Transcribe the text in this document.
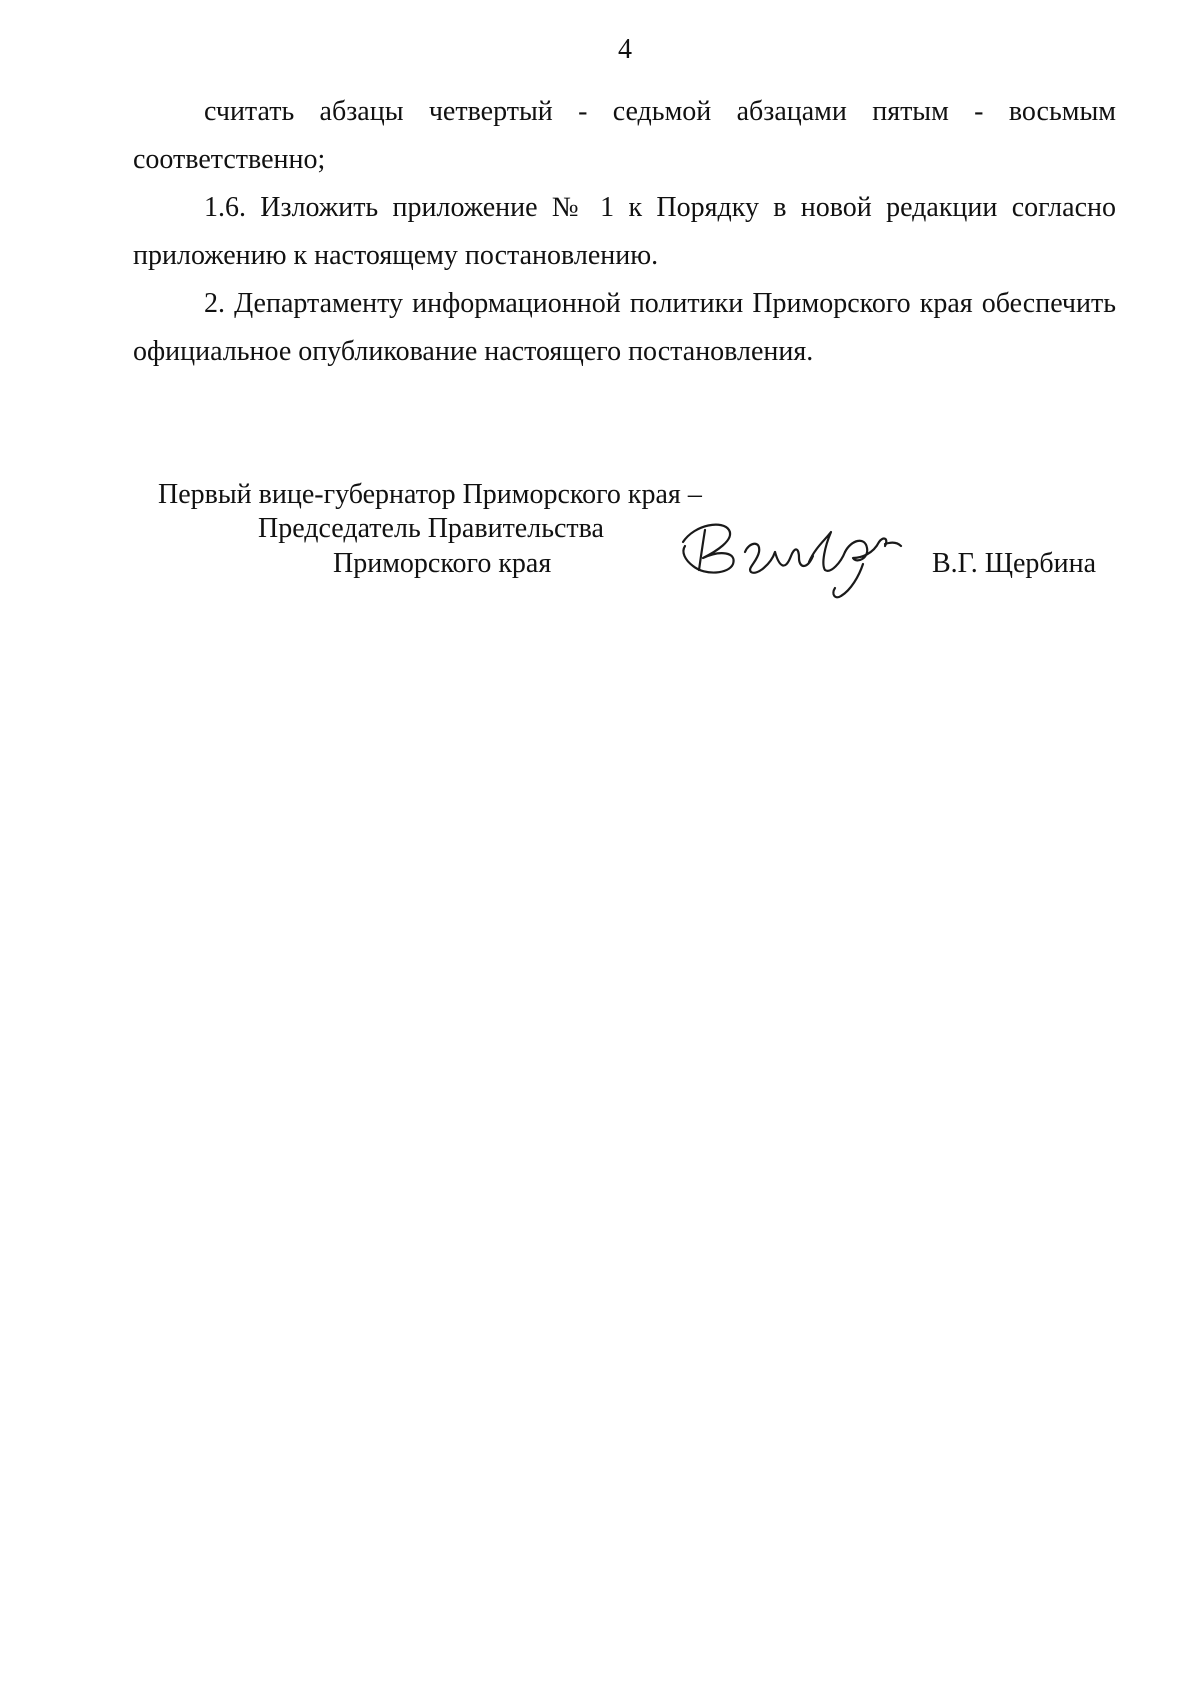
4

считать абзацы четвертый - седьмой абзацами пятым - восьмым соответственно;

1.6. Изложить приложение № 1 к Порядку в новой редакции согласно приложению к настоящему постановлению.

2. Департаменту информационной политики Приморского края обеспечить официальное опубликование настоящего постановления.

Первый вице-губернатор Приморского края –
Председатель Правительства
Приморского края	В.Г. Щербина
